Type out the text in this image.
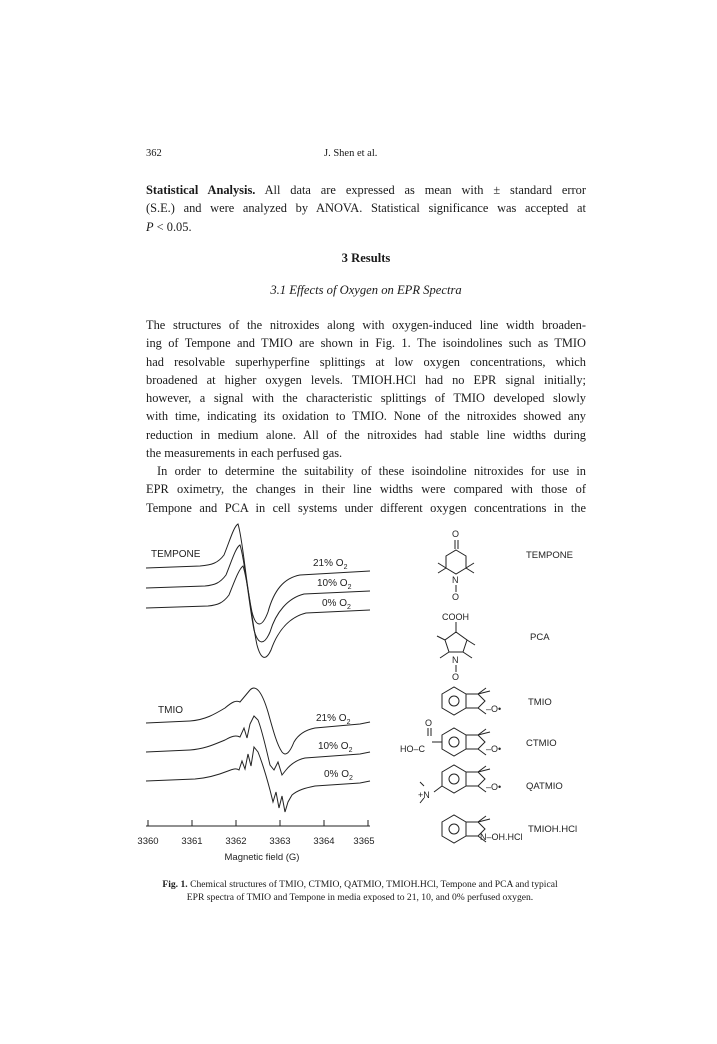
362	J. Shen et al.
Statistical Analysis. All data are expressed as mean with ± standard error
(S.E.) and were analyzed by ANOVA. Statistical significance was accepted at
P < 0.05.
3 Results
3.1 Effects of Oxygen on EPR Spectra
The structures of the nitroxides along with oxygen-induced line width broaden-
ing of Tempone and TMIO are shown in Fig. 1. The isoindolines such as TMIO
had resolvable superhyperfine splittings at low oxygen concentrations, which
broadened at higher oxygen levels. TMIOH.HCl had no EPR signal initially;
however, a signal with the characteristic splittings of TMIO developed slowly
with time, indicating its oxidation to TMIO. None of the nitroxides showed any
reduction in medium alone. All of the nitroxides had stable line widths during
the measurements in each perfused gas.
In order to determine the suitability of these isoindoline nitroxides for use in
EPR oximetry, the changes in their line widths were compared with those of
Tempone and PCA in cell systems under different oxygen concentrations in the
TEMPONE
21% $O_2$
10% $O_2$
0% $O_2$
TMIO
21% $O_2$
10% $O_2$
0% $O_2$
3360 3361 3362 3363 3364 3365
Magnetic field (G)
O
N
O
COOH
N
O
–O•
O
HO–C	–O•
+N
–O•
N–OH.HCl
TEMPONE
PCA
TMIO
CTMIO
QATMIO
TMIOH.HCl
Fig. 1. Chemical structures of TMIO, CTMIO, QATMIO, TMIOH.HCl, Tempone and PCA and typical
EPR spectra of TMIO and Tempone in media exposed to 21, 10, and 0% perfused oxygen.
